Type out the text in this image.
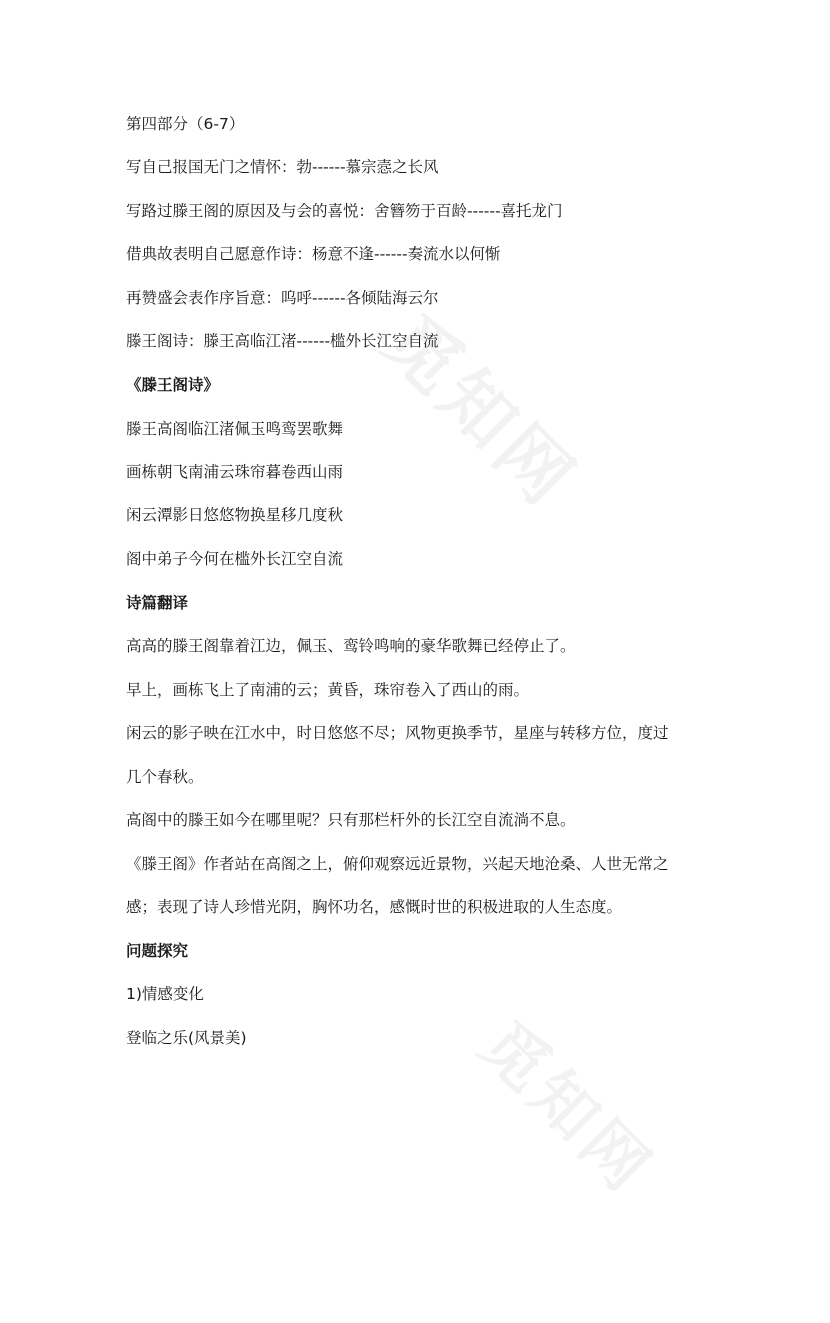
觅知网
觅知网
第四部分（6-7）
写自己报国无门之情怀：勃------慕宗悫之长风
写路过滕王阁的原因及与会的喜悦：舍簪笏于百龄------喜托龙门
借典故表明自己愿意作诗：杨意不逢------奏流水以何惭
再赞盛会表作序旨意：呜呼------各倾陆海云尔
滕王阁诗：滕王高临江渚------槛外长江空自流
《滕王阁诗》
滕王高阁临江渚佩玉鸣鸾罢歌舞
画栋朝飞南浦云珠帘暮卷西山雨
闲云潭影日悠悠物换星移几度秋
阁中弟子今何在槛外长江空自流
诗篇翻译
高高的滕王阁靠着江边，佩玉、鸾铃鸣响的豪华歌舞已经停止了。
早上，画栋飞上了南浦的云；黄昏，珠帘卷入了西山的雨。
闲云的影子映在江水中，时日悠悠不尽；风物更换季节，星座与转移方位，度过
几个春秋。
高阁中的滕王如今在哪里呢？只有那栏杆外的长江空自流淌不息。
《滕王阁》作者站在高阁之上，俯仰观察远近景物，兴起天地沧桑、人世无常之
感；表现了诗人珍惜光阴，胸怀功名，感慨时世的积极进取的人生态度。
问题探究
1)情感变化
登临之乐(风景美)
